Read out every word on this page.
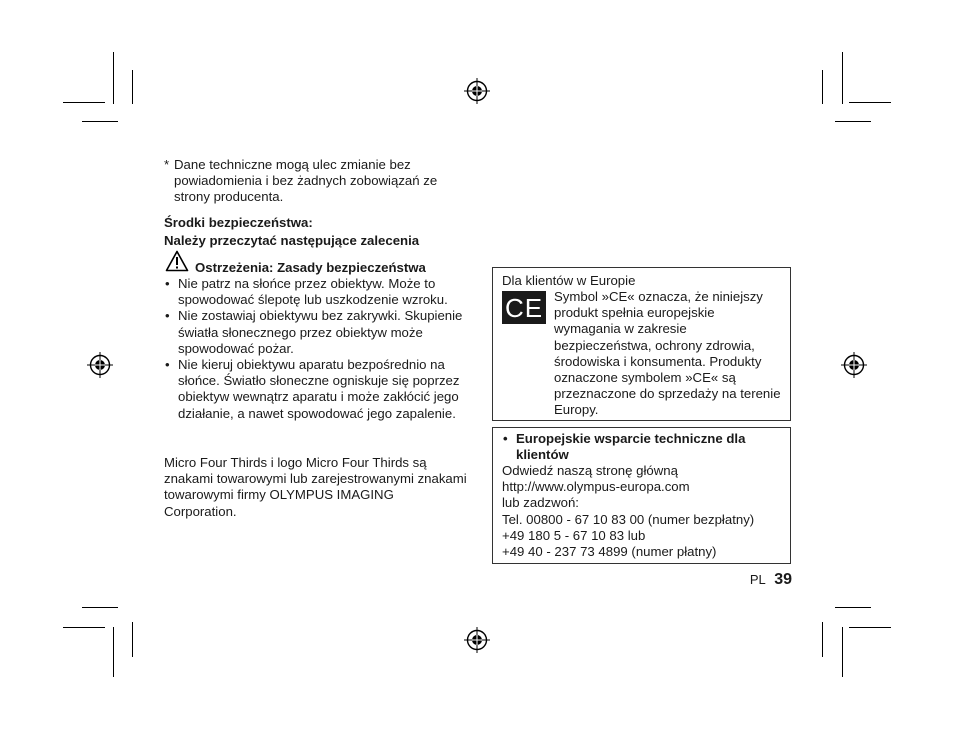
* Dane techniczne mogą ulec zmianie bez powiadomienia i bez żadnych zobowiązań ze strony producenta.
Środki bezpieczeństwa:
Należy przeczytać następujące zalecenia
Ostrzeżenia: Zasady bezpieczeństwa
• Nie patrz na słońce przez obiektyw. Może to spowodować ślepotę lub uszkodzenie wzroku.
• Nie zostawiaj obiektywu bez zakrywki. Skupienie światła słonecznego przez obiektyw może spowodować pożar.
• Nie kieruj obiektywu aparatu bezpośrednio na słońce. Światło słoneczne ogniskuje się poprzez obiektyw wewnątrz aparatu i może zakłócić jego działanie, a nawet spowodować jego zapalenie.
Micro Four Thirds i logo Micro Four Thirds są znakami towarowymi lub zarejestrowanymi znakami towarowymi firmy OLYMPUS IMAGING Corporation.
Dla klientów w Europie
CE Symbol »CE« oznacza, że niniejszy produkt spełnia europejskie wymagania w zakresie bezpieczeństwa, ochrony zdrowia, środowiska i konsumenta. Produkty oznaczone symbolem »CE« są przeznaczone do sprzedaży na terenie Europy.
• Europejskie wsparcie techniczne dla klientów
Odwiedź naszą stronę główną
http://www.olympus-europa.com
lub zadzwoń:
Tel. 00800 - 67 10 83 00 (numer bezpłatny)
+49 180 5 - 67 10 83 lub
+49 40 - 237 73 4899 (numer płatny)
PL 39
